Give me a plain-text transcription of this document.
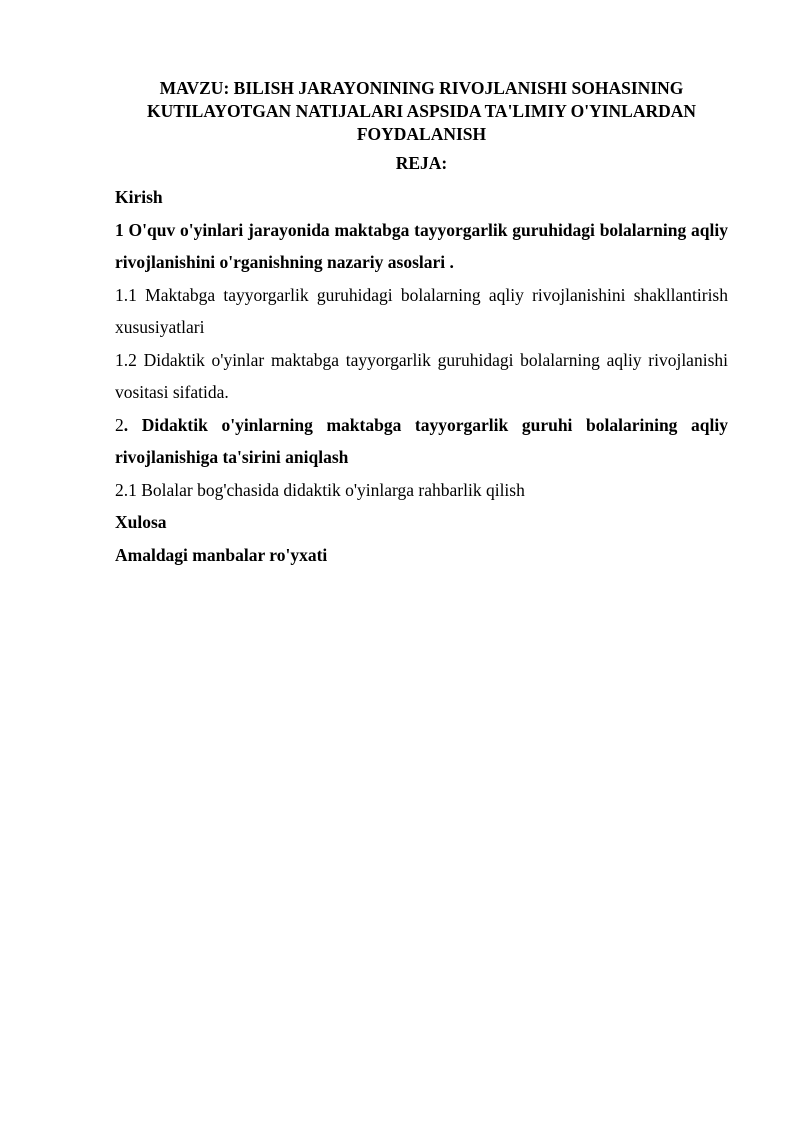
MAVZU: BILISH JARAYONINING RIVOJLANISHI SOHASINING
KUTILAYOTGAN NATIJALARI ASPSIDA TA'LIMIY O'YINLARDAN
FOYDALANISH
REJA:

Kirish

1 O'quv o'yinlari jarayonida maktabga tayyorgarlik guruhidagi bolalarning aqliy rivojlanishini o'rganishning nazariy asoslari .

1.1 Maktabga tayyorgarlik guruhidagi bolalarning aqliy rivojlanishini shakllantirish xususiyatlari

1.2 Didaktik o'yinlar maktabga tayyorgarlik guruhidagi bolalarning aqliy rivojlanishi vositasi sifatida.

2. Didaktik o'yinlarning maktabga tayyorgarlik guruhi bolalarining aqliy rivojlanishiga ta'sirini aniqlash

2.1 Bolalar bog'chasida didaktik o'yinlarga rahbarlik qilish

Xulosa

Amaldagi manbalar ro'yxati
